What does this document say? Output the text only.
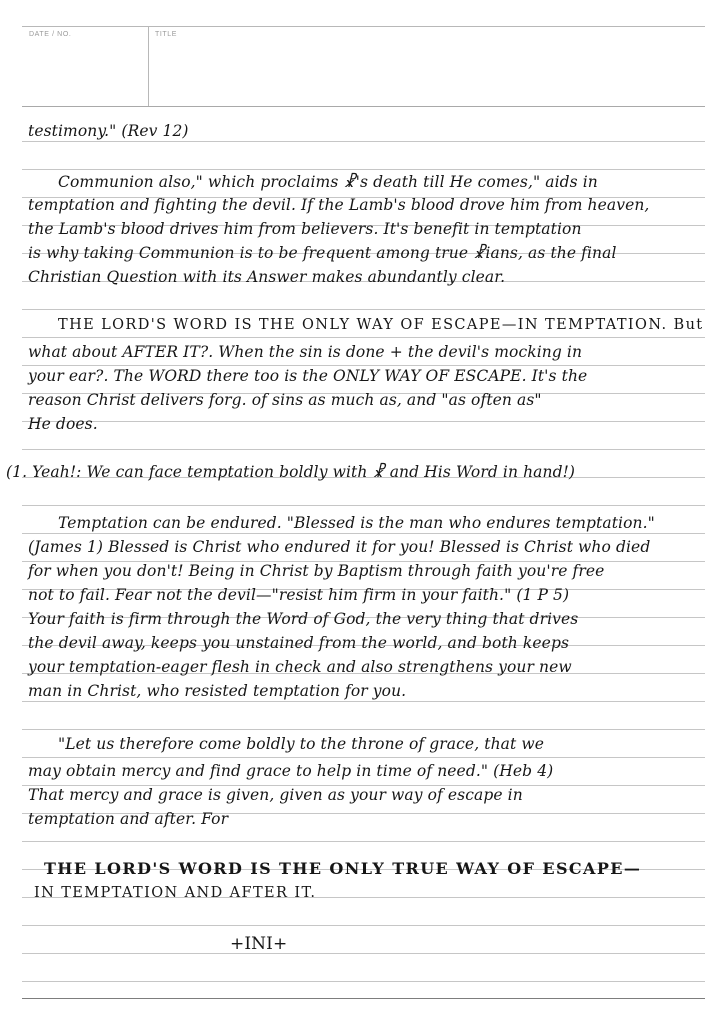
DATE / NO.	TITLE
testimony." (Rev 12)
Communion also," which proclaims ☧'s death till He comes," aids in
temptation and fighting the devil. If the Lamb's blood drove him from heaven,
the Lamb's blood drives him from believers. It's benefit in temptation
is why taking Communion is to be frequent among true ☧ians, as the final
Christian Question with its Answer makes abundantly clear.
THE LORD'S WORD IS THE ONLY WAY OF ESCAPE—IN TEMPTATION. But
what about AFTER IT?. When the sin is done + the devil's mocking in
your ear?. The WORD there too is the ONLY WAY OF ESCAPE. It's the
reason Christ delivers forg. of sins as much as, and "as often as"
He does.
(1. Yeah!: We can face temptation boldly with ☧ and His Word in hand!)
Temptation can be endured. "Blessed is the man who endures temptation."
(James 1) Blessed is Christ who endured it for you! Blessed is Christ who died
for when you don't! Being in Christ by Baptism through faith you're free
not to fail. Fear not the devil—"resist him firm in your faith." (1 P 5)
Your faith is firm through the Word of God, the very thing that drives
the devil away, keeps you unstained from the world, and both keeps
your temptation-eager flesh in check and also strengthens your new
man in Christ, who resisted temptation for you.
"Let us therefore come boldly to the throne of grace, that we
may obtain mercy and find grace to help in time of need." (Heb 4)
That mercy and grace is given, given as your way of escape in
temptation and after. For
THE LORD'S WORD IS THE ONLY TRUE WAY OF ESCAPE—
IN TEMPTATION AND AFTER IT.
+INI+
